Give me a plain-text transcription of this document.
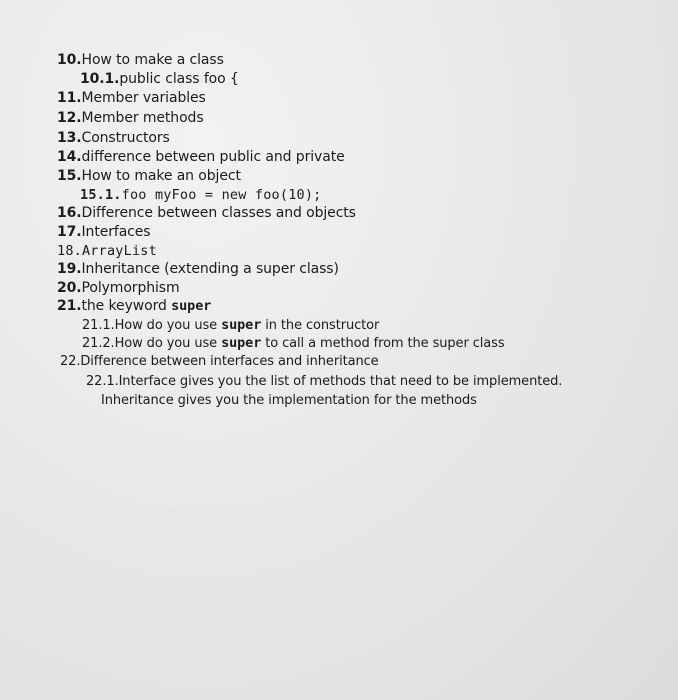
10.How to make a class
10.1.public class foo {
11.Member variables
12.Member methods
13.Constructors
14.difference between public and private
15.How to make an object
15.1.foo myFoo = new foo(10);
16.Difference between classes and objects
17.Interfaces
18.ArrayList
19.Inheritance (extending a super class)
20.Polymorphism
21.the keyword super
21.1.How do you use super in the constructor
21.2.How do you use super to call a method from the super class
22.Difference between interfaces and inheritance
22.1.Interface gives you the list of methods that need to be implemented.
Inheritance gives you the implementation for the methods
